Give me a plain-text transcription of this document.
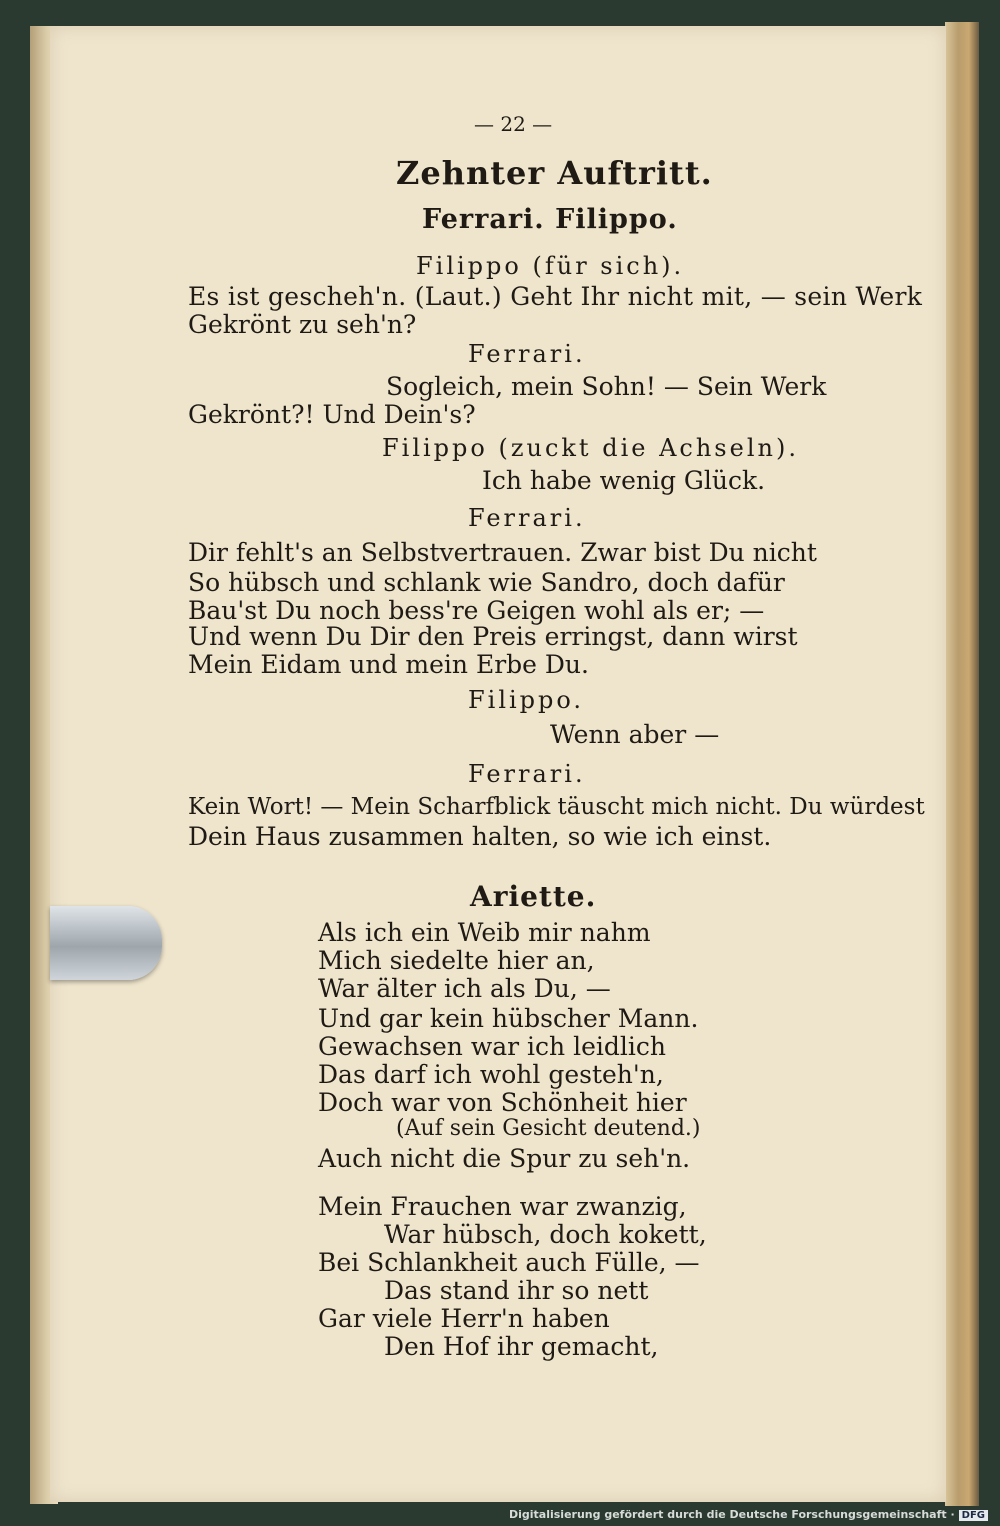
— 22 —
Zehnter Auftritt.
Ferrari. Filippo.
Filippo (für sich).
Es ist gescheh'n. (Laut.) Geht Ihr nicht mit, — sein Werk
Gekrönt zu seh'n?
Ferrari.
Sogleich, mein Sohn! — Sein Werk
Gekrönt?! Und Dein's?
Filippo (zuckt die Achseln).
Ich habe wenig Glück.
Ferrari.
Dir fehlt's an Selbstvertrauen. Zwar bist Du nicht
So hübsch und schlank wie Sandro, doch dafür
Bau'st Du noch bess're Geigen wohl als er; —
Und wenn Du Dir den Preis erringst, dann wirst
Mein Eidam und mein Erbe Du.
Filippo.
Wenn aber —
Ferrari.
Kein Wort! — Mein Scharfblick täuscht mich nicht. Du würdest
Dein Haus zusammen halten, so wie ich einst.
Ariette.
Als ich ein Weib mir nahm
Mich siedelte hier an,
War älter ich als Du, —
Und gar kein hübscher Mann.
Gewachsen war ich leidlich
Das darf ich wohl gesteh'n,
Doch war von Schönheit hier
(Auf sein Gesicht deutend.)
Auch nicht die Spur zu seh'n.
Mein Frauchen war zwanzig,
War hübsch, doch kokett,
Bei Schlankheit auch Fülle, —
Das stand ihr so nett
Gar viele Herr'n haben
Den Hof ihr gemacht,
Digitalisierung gefördert durch die Deutsche Forschungsgemeinschaft · DFG
